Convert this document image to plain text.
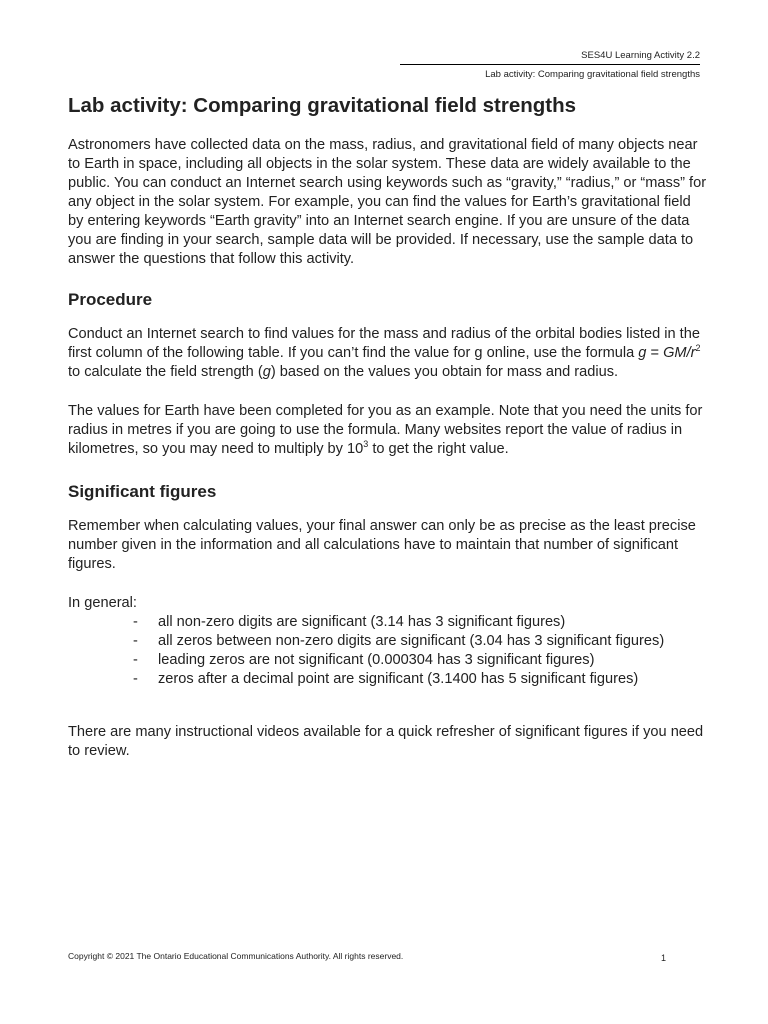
SES4U Learning Activity 2.2
Lab activity: Comparing gravitational field strengths
Lab activity: Comparing gravitational field strengths

Astronomers have collected data on the mass, radius, and gravitational field of many objects near to Earth in space, including all objects in the solar system. These data are widely available to the public. You can conduct an Internet search using keywords such as “gravity,” “radius,” or “mass” for any object in the solar system. For example, you can find the values for Earth’s gravitational field by entering keywords “Earth gravity” into an Internet search engine. If you are unsure of the data you are finding in your search, sample data will be provided. If necessary, use the sample data to answer the questions that follow this activity.

Procedure

Conduct an Internet search to find values for the mass and radius of the orbital bodies listed in the first column of the following table. If you can’t find the value for g online, use the formula $g = GM/r^2$ to calculate the field strength (g) based on the values you obtain for mass and radius.

The values for Earth have been completed for you as an example. Note that you need the units for radius in metres if you are going to use the formula. Many websites report the value of radius in kilometres, so you may need to multiply by $10^3$ to get the right value.

Significant figures

Remember when calculating values, your final answer can only be as precise as the least precise number given in the information and all calculations have to maintain that number of significant figures.

In general:

- all non-zero digits are significant (3.14 has 3 significant figures)
- all zeros between non-zero digits are significant (3.04 has 3 significant figures)
- leading zeros are not significant (0.000304 has 3 significant figures)
- zeros after a decimal point are significant (3.1400 has 5 significant figures)

There are many instructional videos available for a quick refresher of significant figures if you need to review.

Copyright © 2021 The Ontario Educational Communications Authority. All rights reserved.	1
